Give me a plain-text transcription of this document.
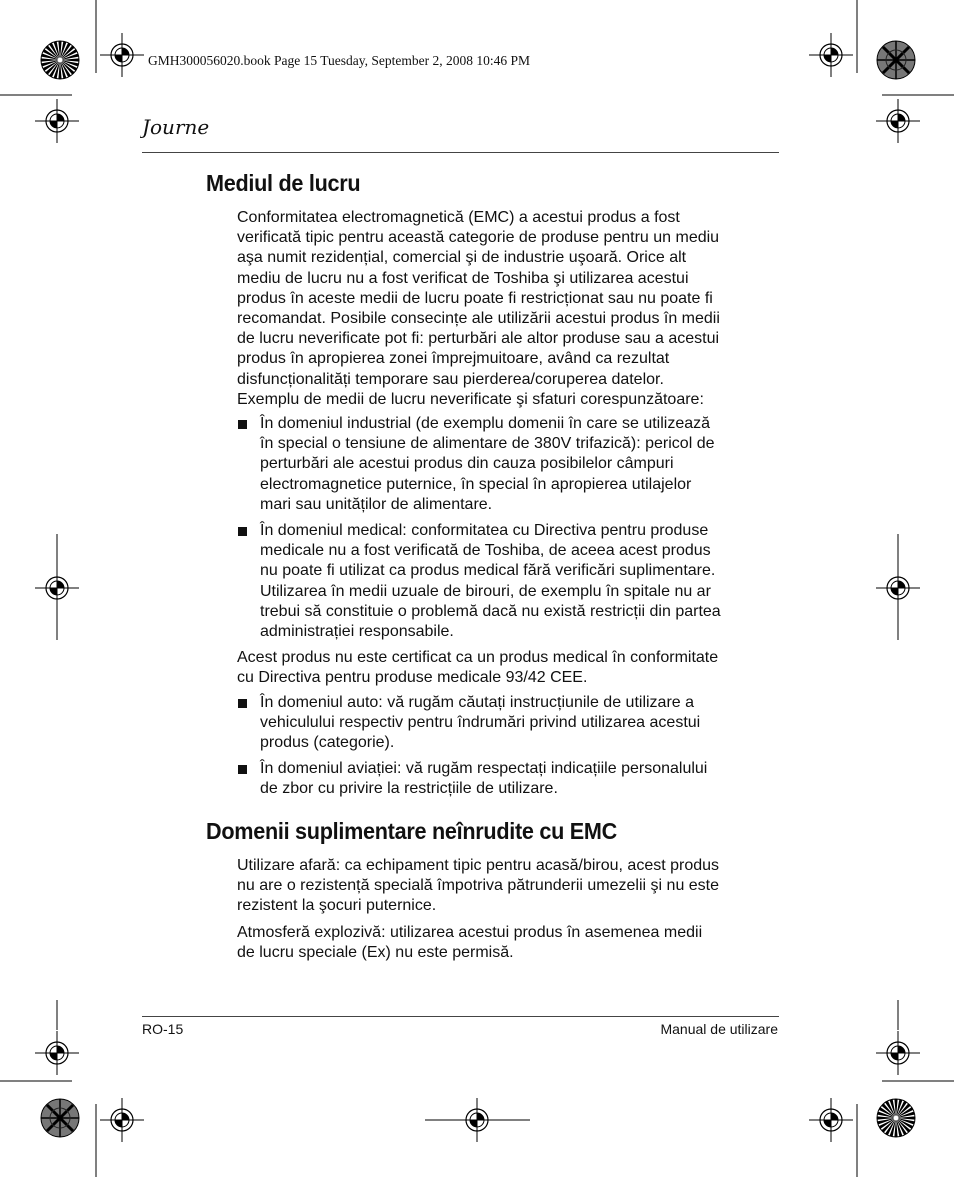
GMH300056020.book Page 15 Tuesday, September 2, 2008 10:46 PM
Journe
Mediul de lucru

Conformitatea electromagnetică (EMC) a acestui produs a fost
verificată tipic pentru această categorie de produse pentru un mediu
aşa numit rezidențial, comercial şi de industrie uşoară. Orice alt
mediu de lucru nu a fost verificat de Toshiba şi utilizarea acestui
produs în aceste medii de lucru poate fi restricționat sau nu poate fi
recomandat. Posibile consecințe ale utilizării acestui produs în medii
de lucru neverificate pot fi: perturbări ale altor produse sau a acestui
produs în apropierea zonei împrejmuitoare, având ca rezultat
disfuncționalități temporare sau pierderea/coruperea datelor.
Exemplu de medii de lucru neverificate şi sfaturi corespunzătoare:

În domeniul industrial (de exemplu domenii în care se utilizează
în special o tensiune de alimentare de 380V trifazică): pericol de
perturbări ale acestui produs din cauza posibilelor câmpuri
electromagnetice puternice, în special în apropierea utilajelor
mari sau unităților de alimentare.
În domeniul medical: conformitatea cu Directiva pentru produse
medicale nu a fost verificată de Toshiba, de aceea acest produs
nu poate fi utilizat ca produs medical fără verificări suplimentare.
Utilizarea în medii uzuale de birouri, de exemplu în spitale nu ar
trebui să constituie o problemă dacă nu există restricții din partea
administrației responsabile.

Acest produs nu este certificat ca un produs medical în conformitate
cu Directiva pentru produse medicale 93/42 CEE.

În domeniul auto: vă rugăm căutați instrucțiunile de utilizare a
vehiculului respectiv pentru îndrumări privind utilizarea acestui
produs (categorie).
În domeniul aviației: vă rugăm respectați indicațiile personalului
de zbor cu privire la restricțiile de utilizare.
Domenii suplimentare neînrudite cu EMC

Utilizare afară: ca echipament tipic pentru acasă/birou, acest produs
nu are o rezistență specială împotriva pătrunderii umezelii şi nu este
rezistent la şocuri puternice.

Atmosferă explozivă: utilizarea acestui produs în asemenea medii
de lucru speciale (Ex) nu este permisă.

RO-15	Manual de utilizare
